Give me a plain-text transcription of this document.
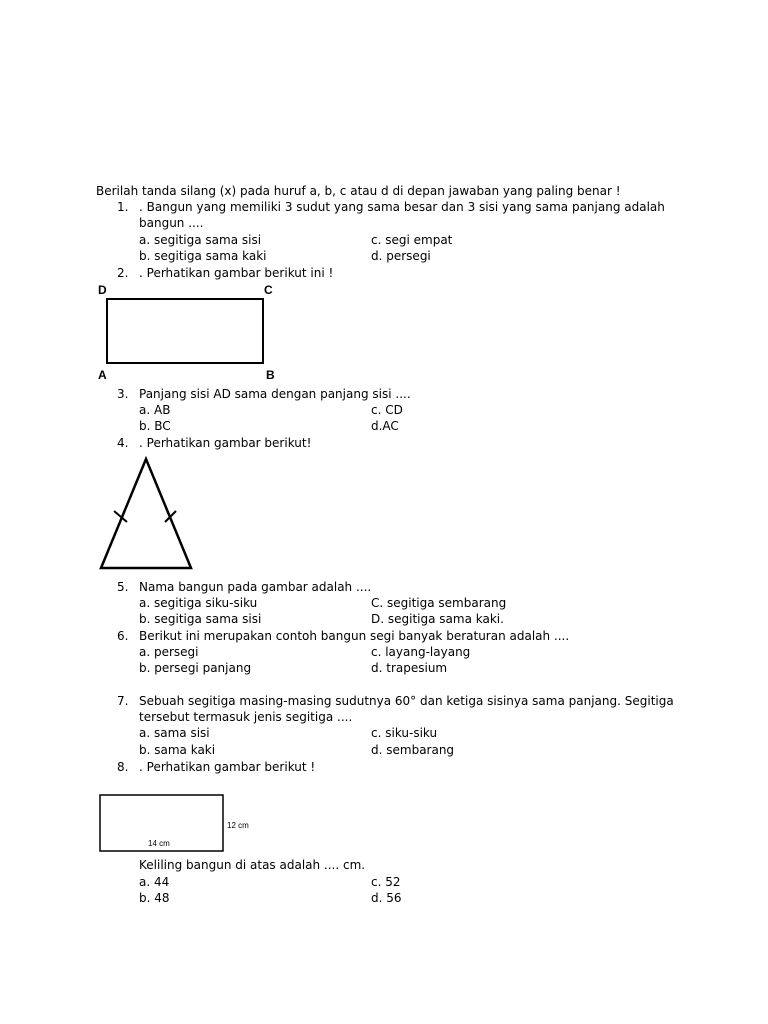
Berilah tanda silang (x) pada huruf a, b, c atau d di depan jawaban yang paling benar !
1. . Bangun yang memiliki 3 sudut yang sama besar dan 3 sisi yang sama panjang adalah
bangun ....
a. segitiga sama sisi	c. segi empat
b. segitiga sama kaki	d. persegi
2. . Perhatikan gambar berikut ini !
D	C
A	B
3. Panjang sisi AD sama dengan panjang sisi ....
a. AB	c. CD
b. BC	d.AC
4. . Perhatikan gambar berikut!
5. Nama bangun pada gambar adalah ....
a. segitiga siku-siku	C. segitiga sembarang
b. segitiga sama sisi	D. segitiga sama kaki.
6. Berikut ini merupakan contoh bangun segi banyak beraturan adalah ....
a. persegi	c. layang-layang
b. persegi panjang	d. trapesium
7. Sebuah segitiga masing-masing sudutnya 60° dan ketiga sisinya sama panjang. Segitiga
tersebut termasuk jenis segitiga ....
a. sama sisi	c. siku-siku
b. sama kaki	d. sembarang
8. . Perhatikan gambar berikut !
14 cm
12 cm
Keliling bangun di atas adalah .... cm.
a. 44	c. 52
b. 48	d. 56
